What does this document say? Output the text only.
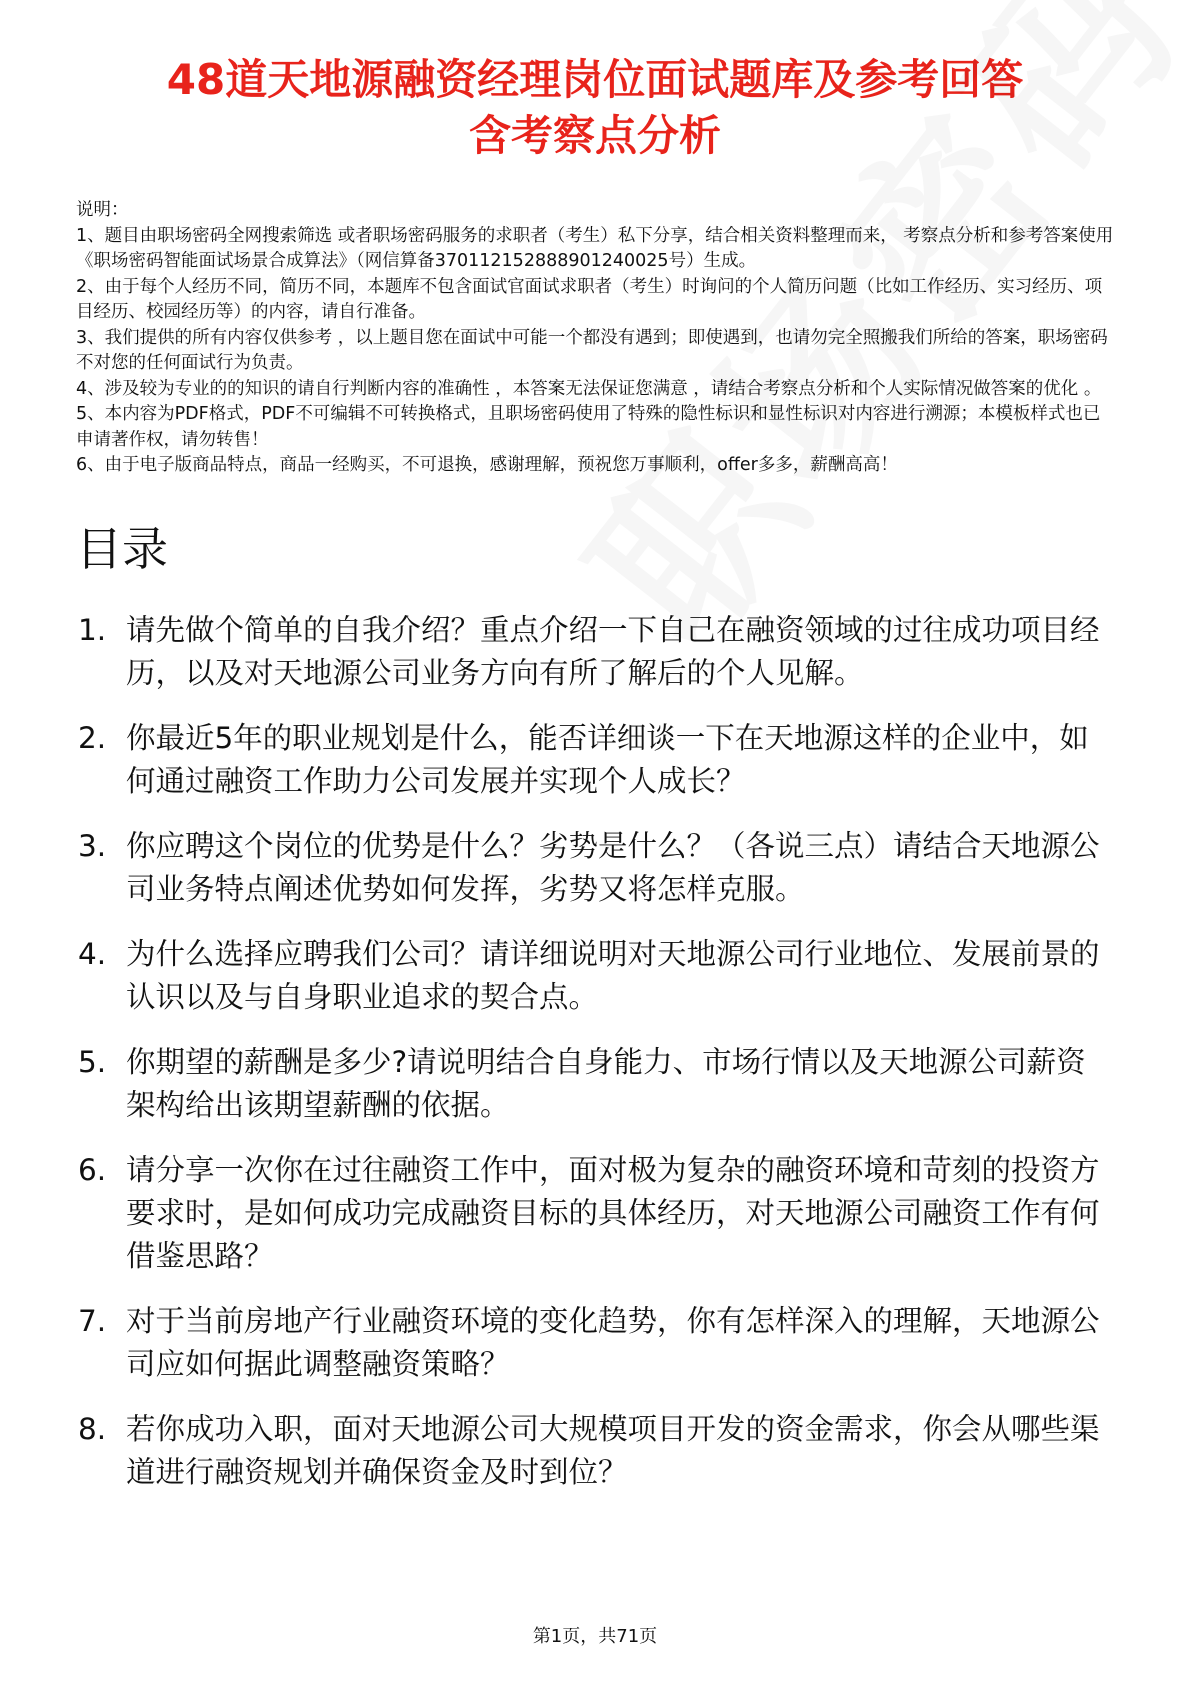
48道天地源融资经理岗位面试题库及参考回答
含考察点分析
说明：
1、题目由职场密码全网搜索筛选 或者职场密码服务的求职者（考生）私下分享，结合相关资料整理而来， 考察点分析和参考答案使用《职场密码智能面试场景合成算法》（网信算备370112152888901240025号）生成。
2、由于每个人经历不同，简历不同，本题库不包含面试官面试求职者（考生）时询问的个人简历问题（比如工作经历、实习经历、项目经历、校园经历等）的内容，请自行准备。
3、我们提供的所有内容仅供参考 ，以上题目您在面试中可能一个都没有遇到；即使遇到，也请勿完全照搬我们所给的答案，职场密码不对您的任何面试行为负责。
4、涉及较为专业的的知识的请自行判断内容的准确性 ，本答案无法保证您满意 ，请结合考察点分析和个人实际情况做答案的优化 。
5、本内容为PDF格式，PDF不可编辑不可转换格式，且职场密码使用了特殊的隐性标识和显性标识对内容进行溯源；本模板样式也已申请著作权，请勿转售！
6、由于电子版商品特点，商品一经购买，不可退换，感谢理解，预祝您万事顺利，offer多多，薪酬高高！
目录
1. 请先做个简单的自我介绍？重点介绍一下自己在融资领域的过往成功项目经历，以及对天地源公司业务方向有所了解后的个人见解。
2. 你最近5年的职业规划是什么，能否详细谈一下在天地源这样的企业中，如何通过融资工作助力公司发展并实现个人成长？
3. 你应聘这个岗位的优势是什么？劣势是什么？（各说三点）请结合天地源公司业务特点阐述优势如何发挥，劣势又将怎样克服。
4. 为什么选择应聘我们公司？请详细说明对天地源公司行业地位、发展前景的认识以及与自身职业追求的契合点。
5. 你期望的薪酬是多少?请说明结合自身能力、市场行情以及天地源公司薪资架构给出该期望薪酬的依据。
6. 请分享一次你在过往融资工作中，面对极为复杂的融资环境和苛刻的投资方要求时，是如何成功完成融资目标的具体经历，对天地源公司融资工作有何借鉴思路？
7. 对于当前房地产行业融资环境的变化趋势，你有怎样深入的理解，天地源公司应如何据此调整融资策略？
8. 若你成功入职，面对天地源公司大规模项目开发的资金需求，你会从哪些渠道进行融资规划并确保资金及时到位？
第1页，共71页
